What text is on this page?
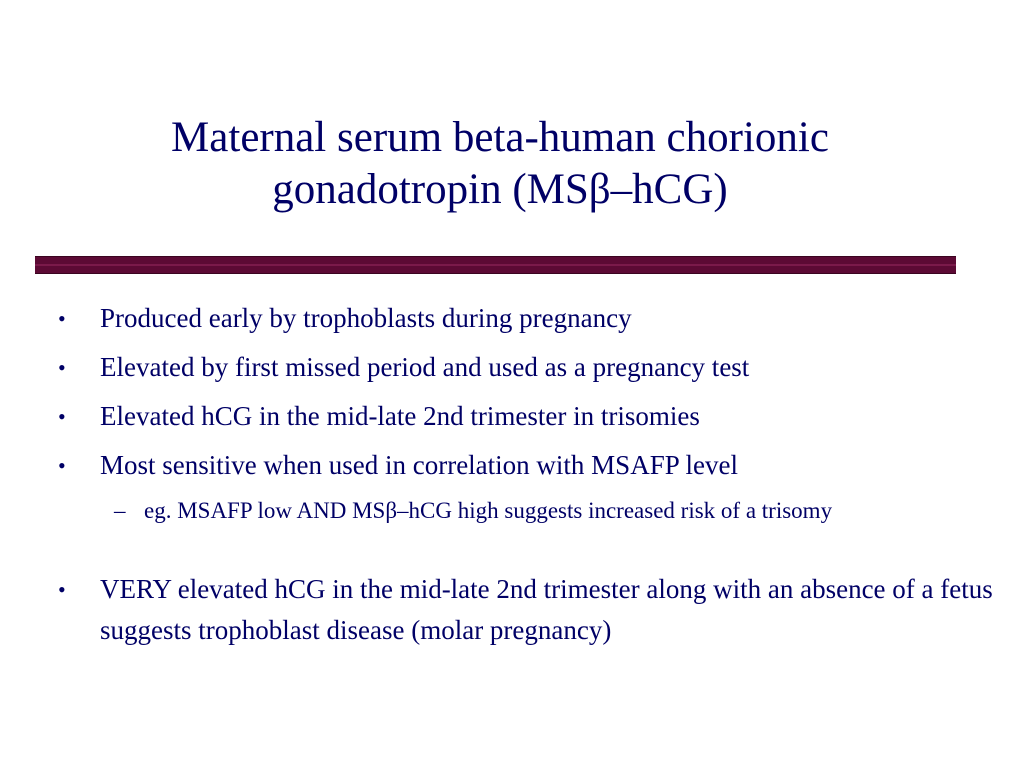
Maternal serum beta-human chorionic
gonadotropin (MSβ–hCG)
•	Produced early by trophoblasts during pregnancy
•	Elevated by first missed period and used as a pregnancy test
•	Elevated hCG in the mid-late 2nd trimester in trisomies
•	Most sensitive when used in correlation with MSAFP level
– eg. MSAFP low AND MSβ–hCG high suggests increased risk of a trisomy
•	VERY elevated hCG in the mid-late 2nd trimester along with an absence of a fetus suggests trophoblast disease (molar pregnancy)
